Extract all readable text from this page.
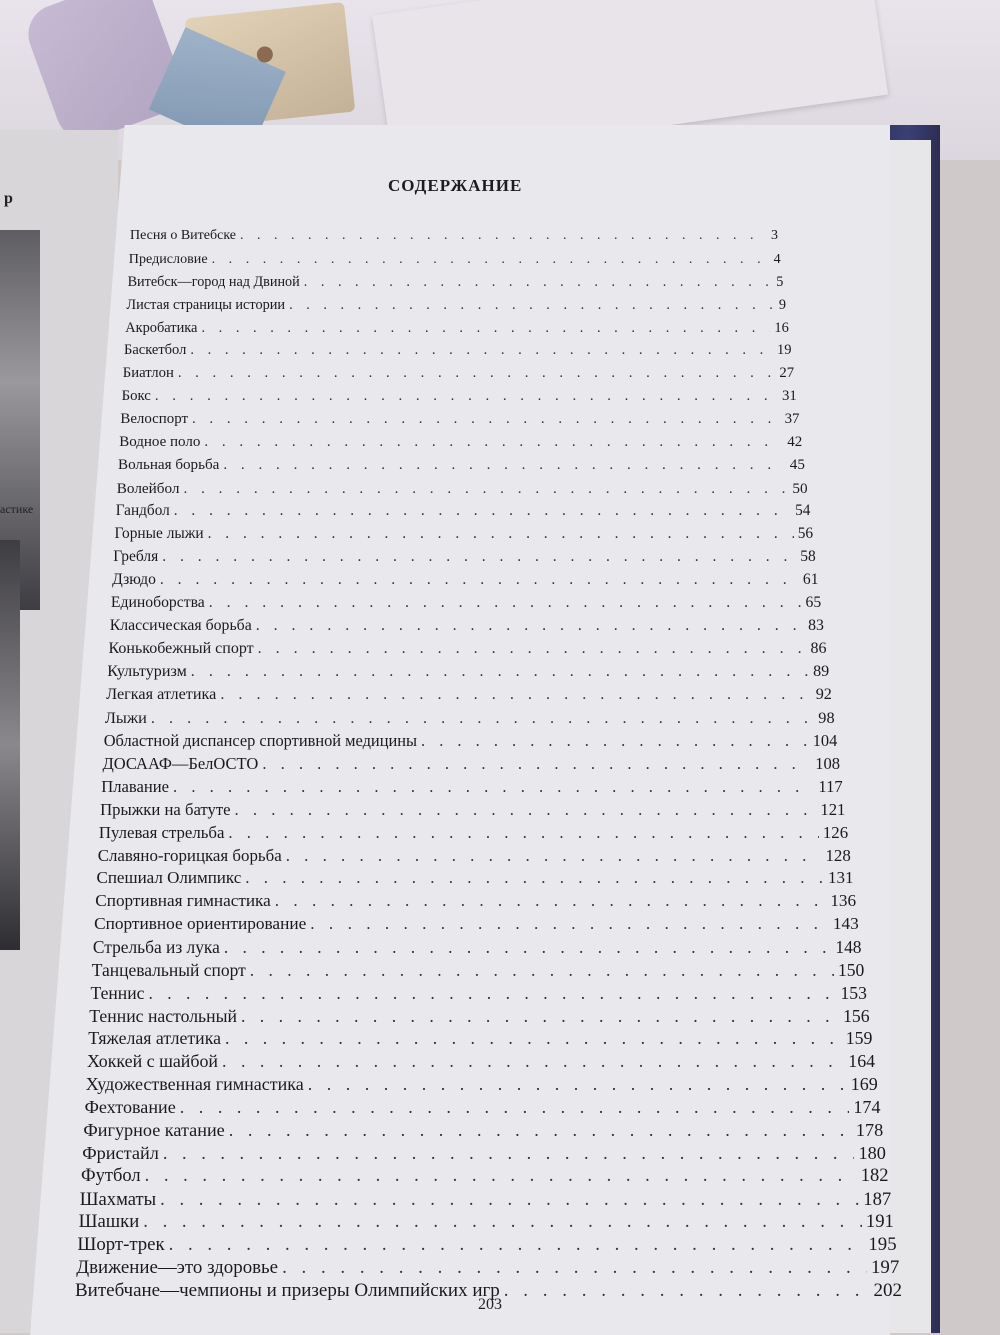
р
астике
СОДЕРЖАНИЕ
Песня о Витебске . . .	3
Предисловие . . .	4
Витебск—город над Двиной . . .	5
Листая страницы истории . . .	9
Акробатика . . .	16
Баскетбол . . .	19
Биатлон . . .	27
Бокс . . .	31
Велоспорт . . .	37
Водное поло . . .	42
Вольная борьба . . .	45
Волейбол . . .	50
Гандбол . . .	54
Горные лыжи . . .	56
Гребля . . .	58
Дзюдо . . .	61
Единоборства . . .	65
Классическая борьба . . .	83
Конькобежный спорт . . .	86
Культуризм . . .	89
Легкая атлетика . . .	92
Лыжи . . .	98
Областной диспансер спортивной медицины . . .	104
ДОСААФ—БелОСТО . . .	108
Плавание . . .	117
Прыжки на батуте . . .	121
Пулевая стрельба . . .	126
Славяно-горицкая борьба . . .	128
Спешиал Олимпикс . . .	131
Спортивная гимнастика . . .	136
Спортивное ориентирование . . .	143
Стрельба из лука . . .	148
Танцевальный спорт . . .	150
Теннис . . .	153
Теннис настольный . . .	156
Тяжелая атлетика . . .	159
Хоккей с шайбой . . .	164
Художественная гимнастика . . .	169
Фехтование . . .	174
Фигурное катание . . .	178
Фристайл . . .	180
Футбол . . .	182
Шахматы . . .	187
Шашки . . .	191
Шорт-трек . . .	195
Движение—это здоровье . . .	197
Витебчане—чемпионы и призеры Олимпийских игр . . .	202
203
